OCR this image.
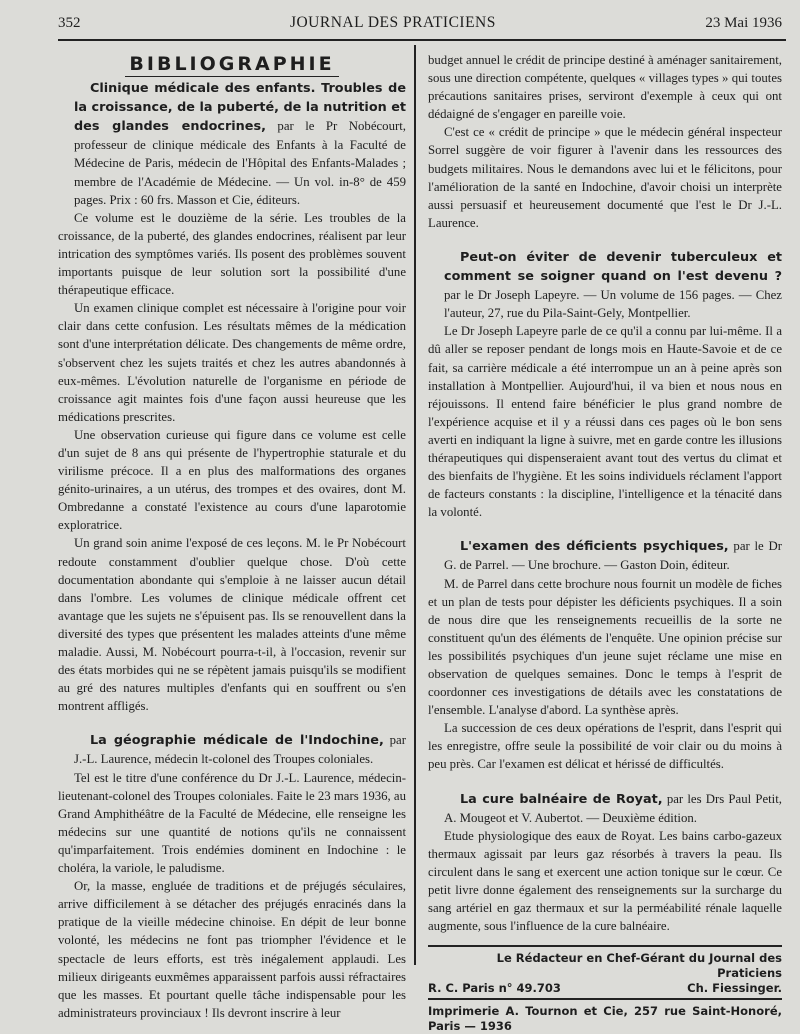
352	JOURNAL DES PRATICIENS	23 Mai 1936
BIBLIOGRAPHIE

Clinique médicale des enfants. Troubles de la croissance, de la puberté, de la nutrition et des glandes endocrines, par le Pr Nobécourt, professeur de clinique médicale des Enfants à la Faculté de Médecine de Paris, médecin de l'Hôpital des Enfants-Malades ; membre de l'Académie de Médecine. — Un vol. in-8° de 459 pages. Prix : 60 frs. Masson et Cie, éditeurs.

Ce volume est le douzième de la série. Les troubles de la croissance, de la puberté, des glandes endocrines, réalisent par leur intrication des symptômes variés. Ils posent des problèmes souvent importants puisque de leur solution sort la possibilité d'une thérapeutique efficace.

Un examen clinique complet est nécessaire à l'origine pour voir clair dans cette confusion. Les résultats mêmes de la médication sont d'une interprétation délicate. Des changements de même ordre, s'observent chez les sujets traités et chez les autres abandonnés à eux-mêmes. L'évolution naturelle de l'organisme en période de croissance agit maintes fois d'une façon aussi heureuse que les médications prescrites.

Une observation curieuse qui figure dans ce volume est celle d'un sujet de 8 ans qui présente de l'hypertrophie staturale et du virilisme précoce. Il a en plus des malformations des organes génito-urinaires, a un utérus, des trompes et des ovaires, dont M. Ombredanne a constaté l'existence au cours d'une laparotomie exploratrice.

Un grand soin anime l'exposé de ces leçons. M. le Pr Nobécourt redoute constamment d'oublier quelque chose. D'où cette documentation abondante qui s'emploie à ne laisser aucun détail dans l'ombre. Les volumes de clinique médicale offrent cet avantage que les sujets ne s'épuisent pas. Ils se renouvellent dans la diversité des types que présentent les malades atteints d'une même maladie. Aussi, M. Nobécourt pourra-t-il, à l'occasion, revenir sur des états morbides qui ne se répètent jamais puisqu'ils se modifient au gré des natures multiples d'enfants qui en souffrent ou s'en montrent affligés.

La géographie médicale de l'Indochine, par J.-L. Laurence, médecin lt-colonel des Troupes coloniales.

Tel est le titre d'une conférence du Dr J.-L. Laurence, médecin-lieutenant-colonel des Troupes coloniales. Faite le 23 mars 1936, au Grand Amphithéâtre de la Faculté de Médecine, elle renseigne les médecins sur une quantité de notions qu'ils ne connaissent qu'imparfaitement. Trois endémies dominent en Indochine : le choléra, la variole, le paludisme.

Or, la masse, engluée de traditions et de préjugés séculaires, arrive difficilement à se détacher des préjugés enracinés dans la pratique de la vieille médecine chinoise. En dépit de leur bonne volonté, les médecins ne font pas triompher l'évidence et le spectacle de leurs efforts, est très inégalement applaudi. Les milieux dirigeants euxmêmes apparaissent parfois aussi réfractaires que les masses. Et pourtant quelle tâche indispensable pour les administrateurs provinciaux ! Ils devront inscrire à leur

budget annuel le crédit de principe destiné à aménager sanitairement, sous une direction compétente, quelques « villages types » qui toutes précautions sanitaires prises, serviront d'exemple à ceux qui ont dédaigné de s'engager en pareille voie.

C'est ce « crédit de principe » que le médecin général inspecteur Sorrel suggère de voir figurer à l'avenir dans les ressources des budgets militaires. Nous le demandons avec lui et le félicitons, pour l'amélioration de la santé en Indochine, d'avoir choisi un interprète aussi persuasif et heureusement documenté que l'est le Dr J.-L. Laurence.

Peut-on éviter de devenir tuberculeux et comment se soigner quand on l'est devenu ? par le Dr Joseph Lapeyre. — Un volume de 156 pages. — Chez l'auteur, 27, rue du Pila-Saint-Gely, Montpellier.

Le Dr Joseph Lapeyre parle de ce qu'il a connu par lui-même. Il a dû aller se reposer pendant de longs mois en Haute-Savoie et de ce fait, sa carrière médicale a été interrompue un an à peine après son installation à Montpellier. Aujourd'hui, il va bien et nous nous en réjouissons. Il entend faire bénéficier le plus grand nombre de l'expérience acquise et il y a réussi dans ces pages où le bon sens averti en indiquant la ligne à suivre, met en garde contre les illusions thérapeutiques qui dispenseraient avant tout des vertus du climat et des bienfaits de l'hygiène. Et les soins individuels réclament l'apport de facteurs constants : la discipline, l'intelligence et la ténacité dans la volonté.

L'examen des déficients psychiques, par le Dr G. de Parrel. — Une brochure. — Gaston Doin, éditeur.

M. de Parrel dans cette brochure nous fournit un modèle de fiches et un plan de tests pour dépister les déficients psychiques. Il a soin de nous dire que les renseignements recueillis de la sorte ne constituent qu'un des éléments de l'enquête. Une opinion précise sur les possibilités psychiques d'un jeune sujet réclame une mise en observation de quelques semaines. Donc le temps à l'esprit de coordonner ces investigations de détails avec les constatations de l'ensemble. L'analyse d'abord. La synthèse après.

La succession de ces deux opérations de l'esprit, dans l'esprit qui les enregistre, offre seule la possibilité de voir clair ou du moins à peu près. Car l'examen est délicat et hérissé de difficultés.

La cure balnéaire de Royat, par les Drs Paul Petit, A. Mougeot et V. Aubertot. — Deuxième édition.

Etude physiologique des eaux de Royat. Les bains carbo-gazeux thermaux agissait par leurs gaz résorbés à travers la peau. Ils circulent dans le sang et exercent une action tonique sur le cœur. Ce petit livre donne également des renseignements sur la surcharge du sang artériel en gaz thermaux et sur la perméabilité rénale laquelle augmente, sous l'influence de la cure balnéaire.

Le Rédacteur en Chef-Gérant du Journal des Praticiens
R. C. Paris n° 49.703	Ch. Fiessinger.
Imprimerie A. Tournon et Cie, 257 rue Saint-Honoré, Paris — 1936
